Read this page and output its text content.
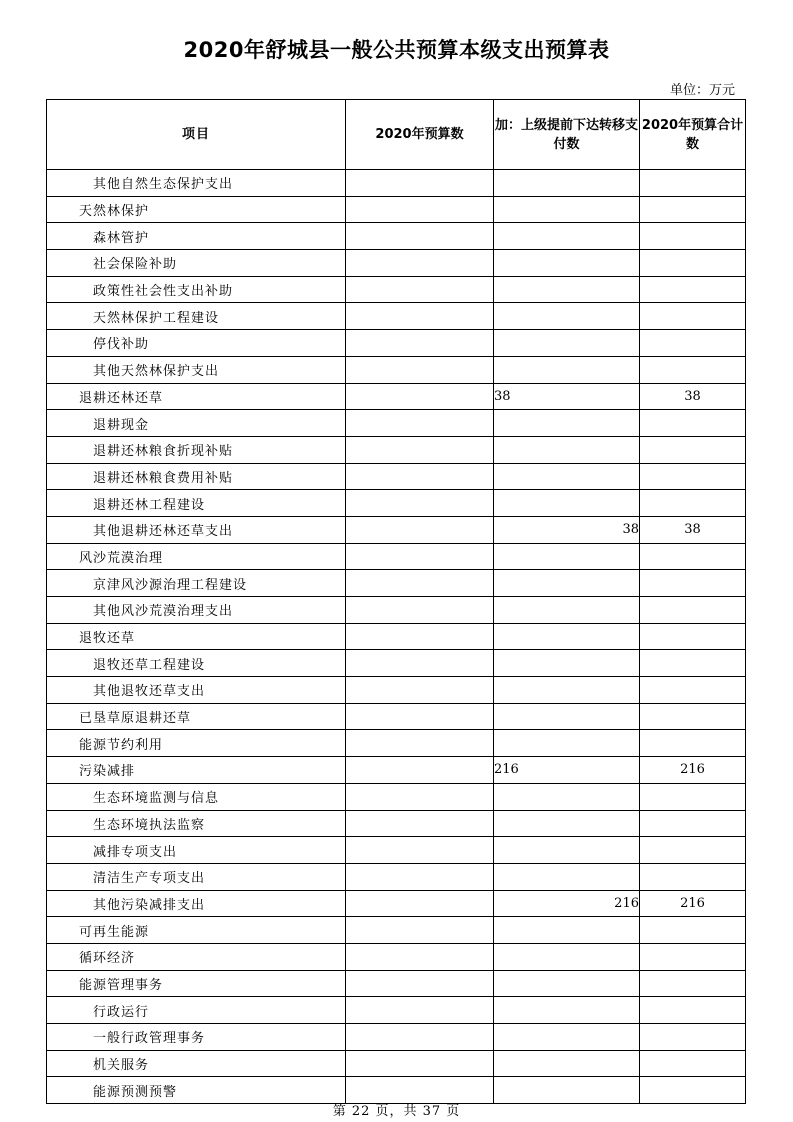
2020年舒城县一般公共预算本级支出预算表
单位：万元
项目	2020年预算数	加：上级提前下达转移支付数	2020年预算合计数
其他自然生态保护支出			
天然林保护			
森林管护			
社会保险补助			
政策性社会性支出补助			
天然林保护工程建设			
停伐补助			
其他天然林保护支出			
退耕还林还草		38	38
退耕现金			
退耕还林粮食折现补贴			
退耕还林粮食费用补贴			
退耕还林工程建设			
其他退耕还林还草支出		38	38
风沙荒漠治理			
京津风沙源治理工程建设			
其他风沙荒漠治理支出			
退牧还草			
退牧还草工程建设			
其他退牧还草支出			
已垦草原退耕还草			
能源节约利用			
污染减排		216	216
生态环境监测与信息			
生态环境执法监察			
减排专项支出			
清洁生产专项支出			
其他污染减排支出		216	216
可再生能源			
循环经济			
能源管理事务			
行政运行			
一般行政管理事务			
机关服务			
能源预测预警			
第 22 页，共 37 页
